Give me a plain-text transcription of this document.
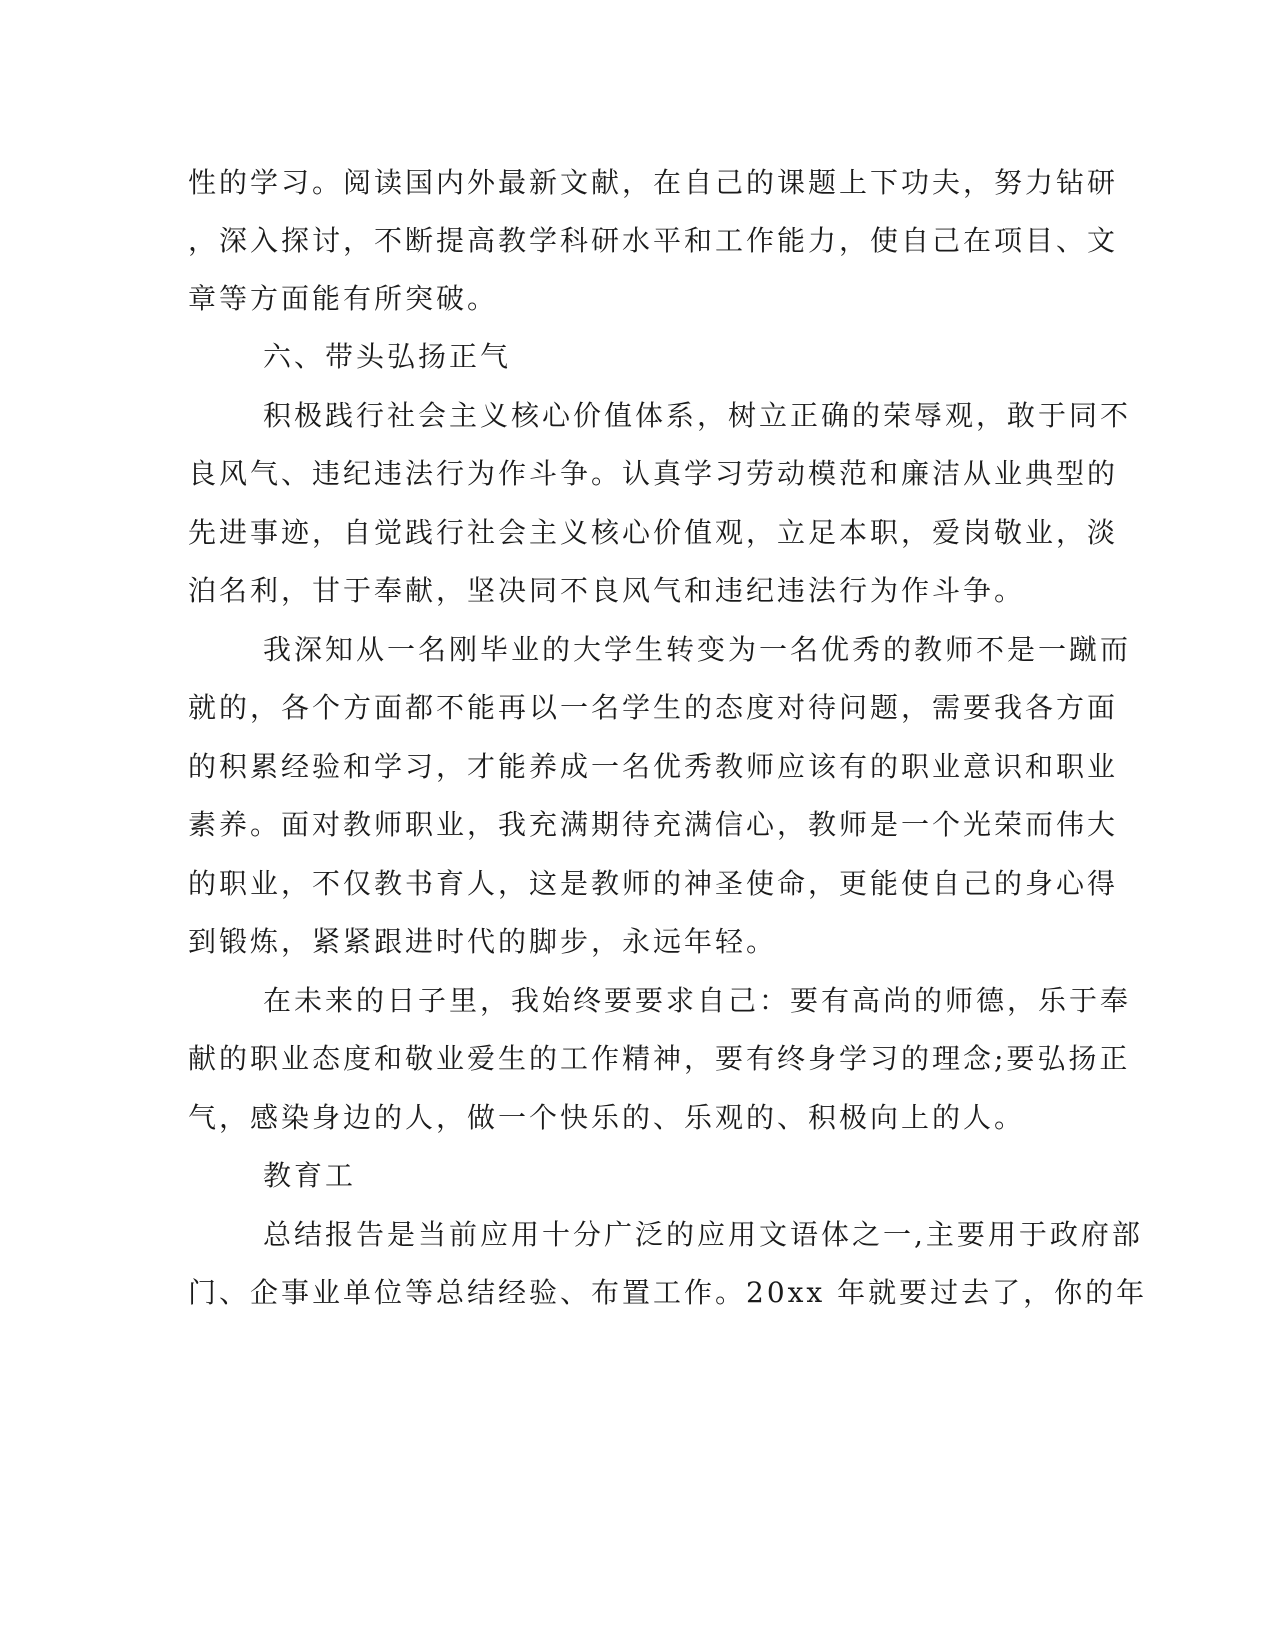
性的学习。阅读国内外最新文献，在自己的课题上下功夫，努力钻研
，深入探讨，不断提高教学科研水平和工作能力，使自己在项目、文
章等方面能有所突破。
六、带头弘扬正气
积极践行社会主义核心价值体系，树立正确的荣辱观，敢于同不
良风气、违纪违法行为作斗争。认真学习劳动模范和廉洁从业典型的
先进事迹，自觉践行社会主义核心价值观，立足本职，爱岗敬业，淡
泊名利，甘于奉献，坚决同不良风气和违纪违法行为作斗争。
我深知从一名刚毕业的大学生转变为一名优秀的教师不是一蹴而
就的，各个方面都不能再以一名学生的态度对待问题，需要我各方面
的积累经验和学习，才能养成一名优秀教师应该有的职业意识和职业
素养。面对教师职业，我充满期待充满信心，教师是一个光荣而伟大
的职业，不仅教书育人，这是教师的神圣使命，更能使自己的身心得
到锻炼，紧紧跟进时代的脚步，永远年轻。
在未来的日子里，我始终要要求自己：要有高尚的师德，乐于奉
献的职业态度和敬业爱生的工作精神，要有终身学习的理念;要弘扬正
气，感染身边的人，做一个快乐的、乐观的、积极向上的人。
教育工
总结报告是当前应用十分广泛的应用文语体之一,主要用于政府部
门、企事业单位等总结经验、布置工作。20xx 年就要过去了，你的年
